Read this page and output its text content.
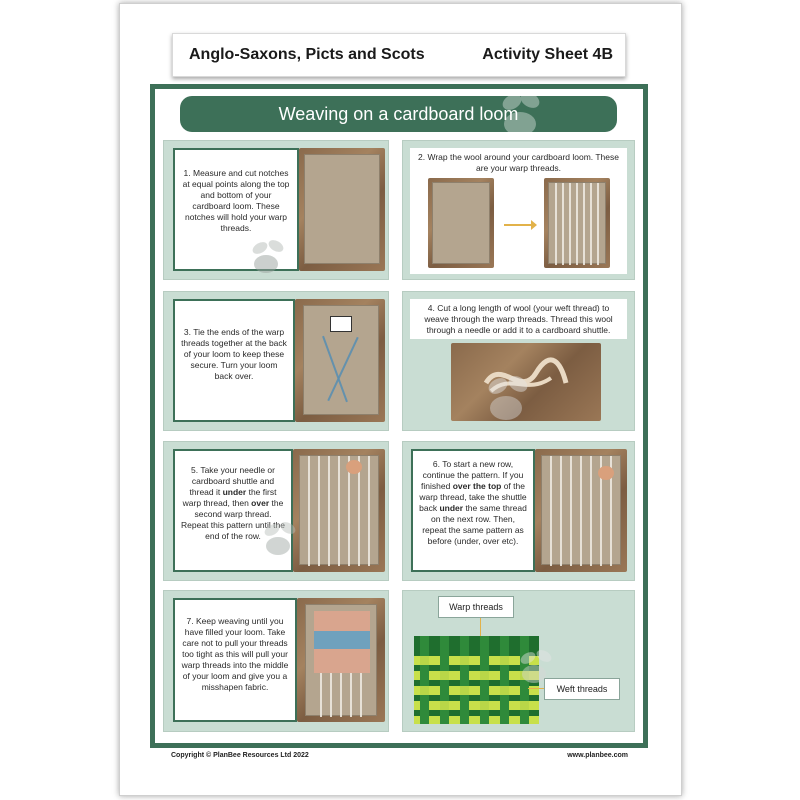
Anglo-Saxons, Picts and Scots	Activity Sheet 4B
Weaving on a cardboard loom
1. Measure and cut notches at equal points along the top and bottom of your cardboard loom. These notches will hold your warp threads.
2. Wrap the wool around your cardboard loom. These are your warp threads.
3. Tie the ends of the warp threads together at the back of your loom to keep these secure. Turn your loom back over.
4. Cut a long length of wool (your weft thread) to weave through the warp threads. Thread this wool through a needle or add it to a cardboard shuttle.
5. Take your needle or cardboard shuttle and thread it under the first warp thread, then over the second warp thread. Repeat this pattern until the end of the row.
6. To start a new row, continue the pattern. If you finished over the top of the warp thread, take the shuttle back under the same thread on the next row. Then, repeat the same pattern as before (under, over etc).
7. Keep weaving until you have filled your loom. Take care not to pull your threads too tight as this will pull your warp threads into the middle of your loom and give you a misshapen fabric.
Warp threads
Weft threads
Copyright © PlanBee Resources Ltd 2022	www.planbee.com
